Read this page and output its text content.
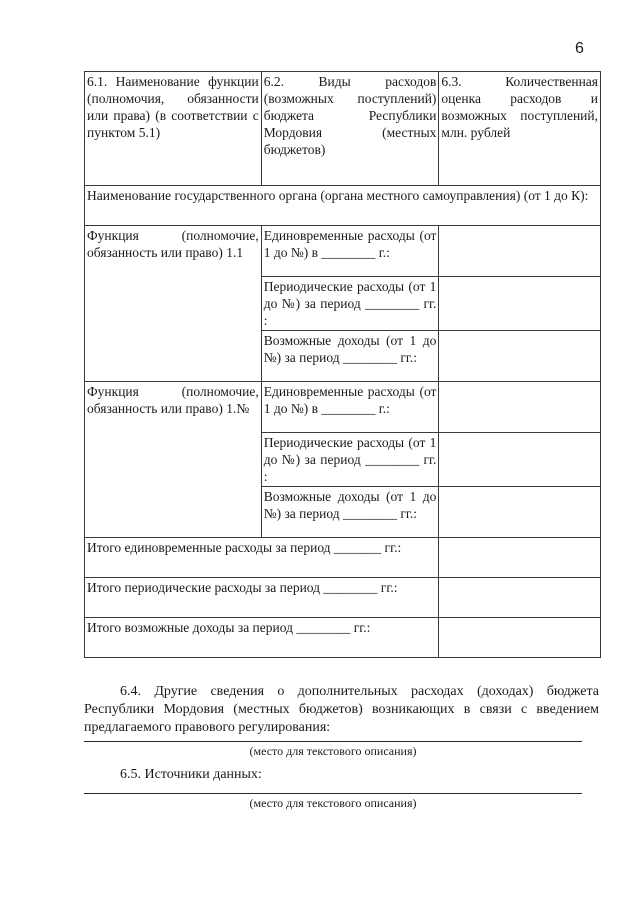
6
6.1. Наименование функции (полномочия, обязанности или права) (в соответствии с пунктом 5.1)	6.2. Виды расходов (возможных поступлений) бюджета Республики Мордовия (местных бюджетов)	6.3. Количественная оценка расходов и возможных поступлений, млн. рублей
Наименование государственного органа (органа местного самоуправления) (от 1 до К):		
Функция (полномочие, обязанность или право) 1.1	Единовременные расходы (от 1 до №) в ________ г.:	
	Периодические расходы (от 1 до №) за период ________ гг. :	
	Возможные доходы (от 1 до №) за период ________ гг.:	
Функция (полномочие, обязанность или право) 1.№	Единовременные расходы (от 1 до №) в ________ г.:	
	Периодические расходы (от 1 до №) за период ________ гг. :	
	Возможные доходы (от 1 до №) за период ________ гг.:	
Итого единовременные расходы за период _______ гг.:		
Итого периодические расходы за период ________ гг.:		
Итого возможные доходы за период ________ гг.:		
6.4. Другие сведения о дополнительных расходах (доходах) бюджета Республики Мордовия (местных бюджетов) возникающих в связи с введением предлагаемого правового регулирования:
(место для текстового описания)
6.5. Источники данных:
(место для текстового описания)
